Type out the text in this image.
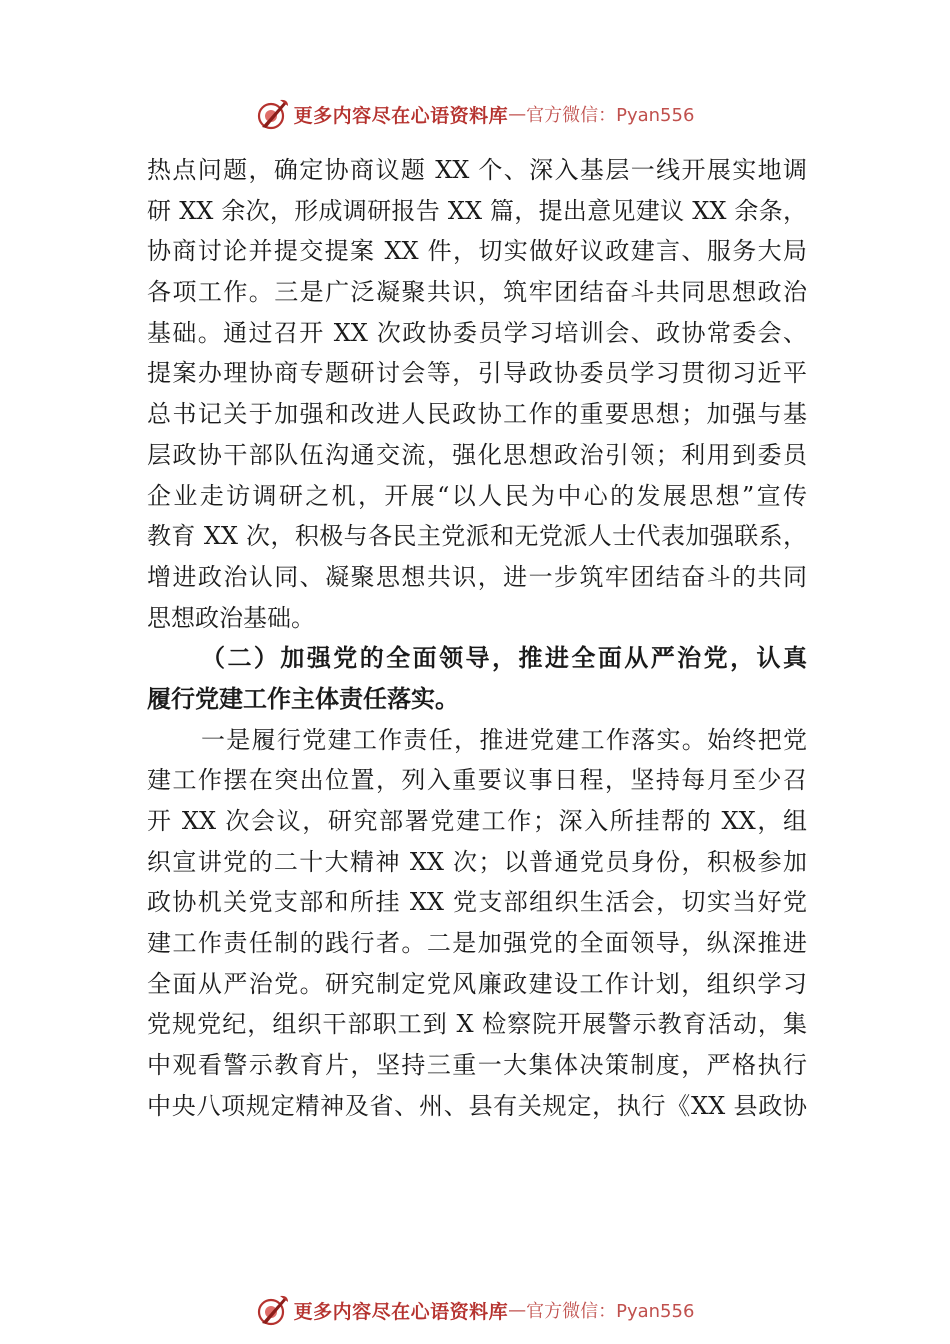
更多内容尽在心语资料库 — 官方微信：Pyan556
热点问题，确定协商议题 XX 个、深入基层一线开展实地调
研 XX 余次，形成调研报告 XX 篇，提出意见建议 XX 余条，
协商讨论并提交提案 XX 件，切实做好议政建言、服务大局
各项工作。三是广泛凝聚共识，筑牢团结奋斗共同思想政治
基础。通过召开 XX 次政协委员学习培训会、政协常委会、
提案办理协商专题研讨会等，引导政协委员学习贯彻习近平
总书记关于加强和改进人民政协工作的重要思想；加强与基
层政协干部队伍沟通交流，强化思想政治引领；利用到委员
企业走访调研之机，开展“以人民为中心的发展思想”宣传
教育 XX 次，积极与各民主党派和无党派人士代表加强联系，
增进政治认同、凝聚思想共识，进一步筑牢团结奋斗的共同
思想政治基础。
（二）加强党的全面领导，推进全面从严治党，认真
履行党建工作主体责任落实。
一是履行党建工作责任，推进党建工作落实。始终把党
建工作摆在突出位置，列入重要议事日程，坚持每月至少召
开 XX 次会议，研究部署党建工作；深入所挂帮的 XX，组
织宣讲党的二十大精神 XX 次；以普通党员身份，积极参加
政协机关党支部和所挂 XX 党支部组织生活会，切实当好党
建工作责任制的践行者。二是加强党的全面领导，纵深推进
全面从严治党。研究制定党风廉政建设工作计划，组织学习
党规党纪，组织干部职工到 X 检察院开展警示教育活动，集
中观看警示教育片，坚持三重一大集体决策制度，严格执行
中央八项规定精神及省、州、县有关规定，执行《XX 县政协
更多内容尽在心语资料库 — 官方微信：Pyan556
